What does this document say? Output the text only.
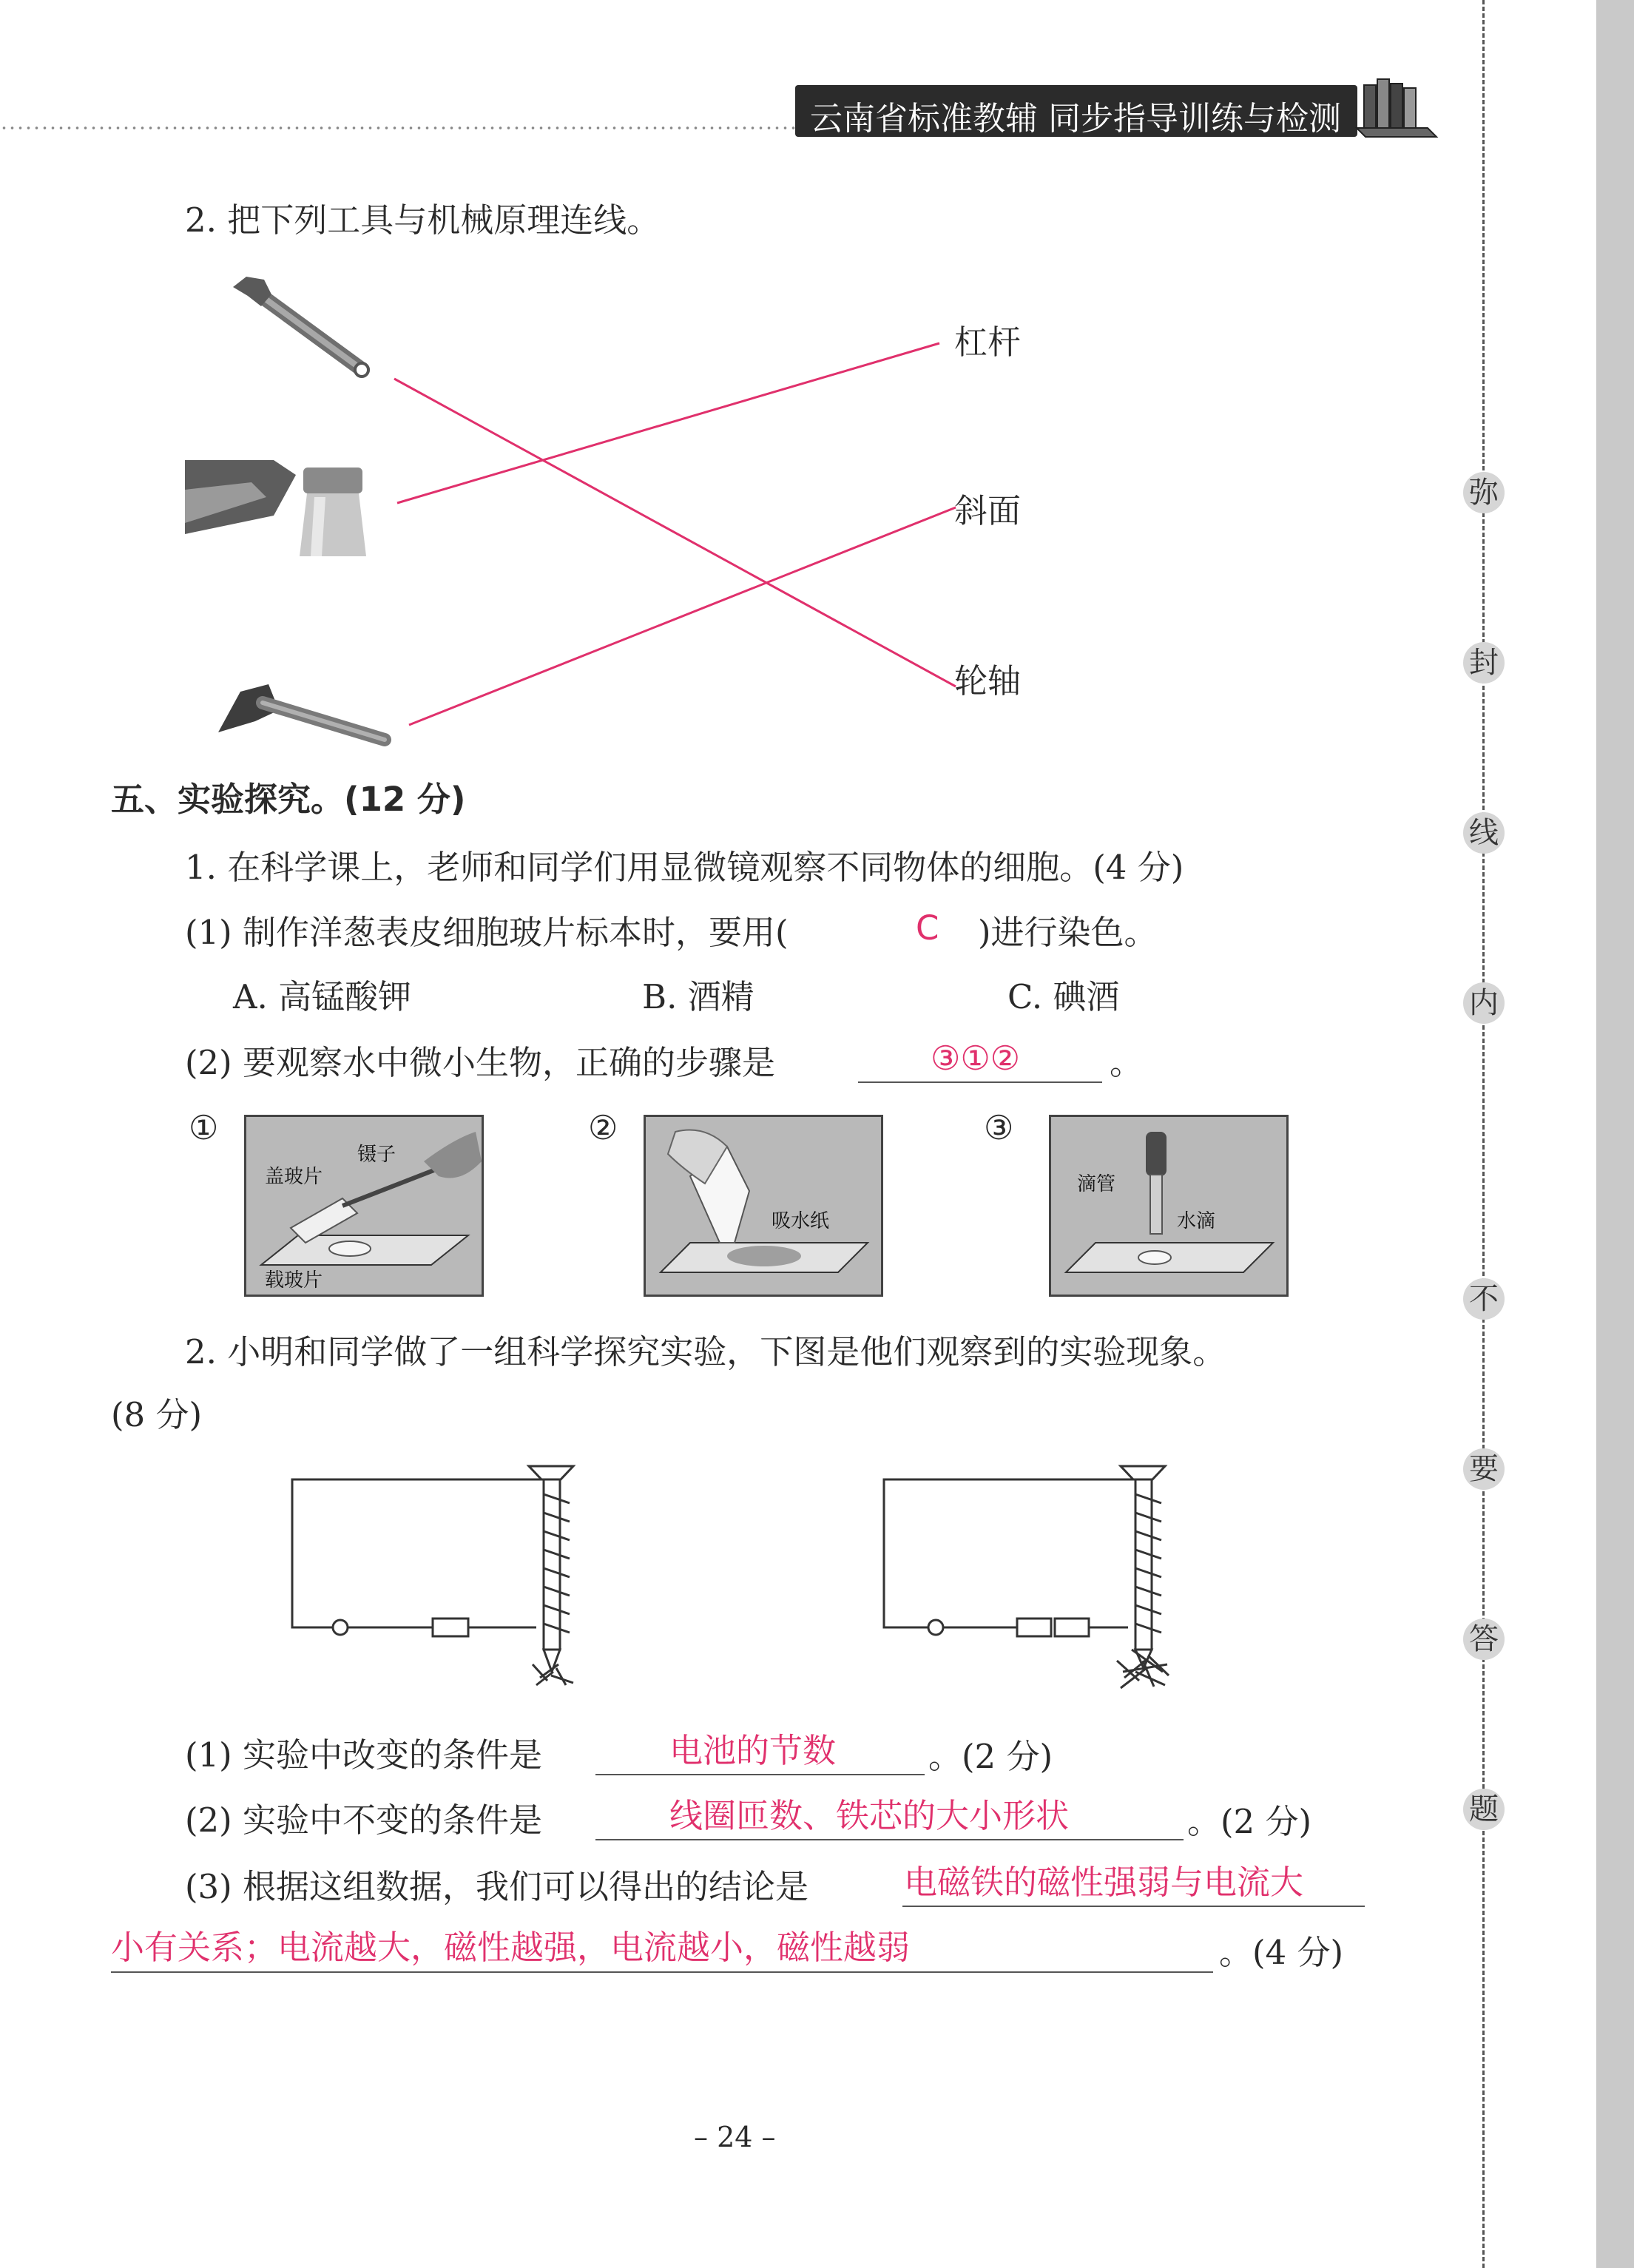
云南省标准教辅 同步指导训练与检测
弥
封
线
内
不
要
答
题
2. 把下列工具与机械原理连线。
杠杆
斜面
轮轴
五、实验探究。(12 分)
1. 在科学课上，老师和同学们用显微镜观察不同物体的细胞。(4 分)
(1) 制作洋葱表皮细胞玻片标本时，要用(	C )进行染色。
A. 高锰酸钾	B. 酒精	C. 碘酒
(2) 要观察水中微小生物，正确的步骤是	③①②	。
①
镊子
盖玻片
载玻片
②
吸水纸
③
滴管
水滴
2. 小明和同学做了一组科学探究实验，下图是他们观察到的实验现象。
(8 分)
(1) 实验中改变的条件是	电池的节数	。(2 分)
(2) 实验中不变的条件是	线圈匝数、铁芯的大小形状	。(2 分)
(3) 根据这组数据，我们可以得出的结论是	电磁铁的磁性强弱与电流大
小有关系；电流越大，磁性越强，电流越小，磁性越弱	。(4 分)
– 24 –
